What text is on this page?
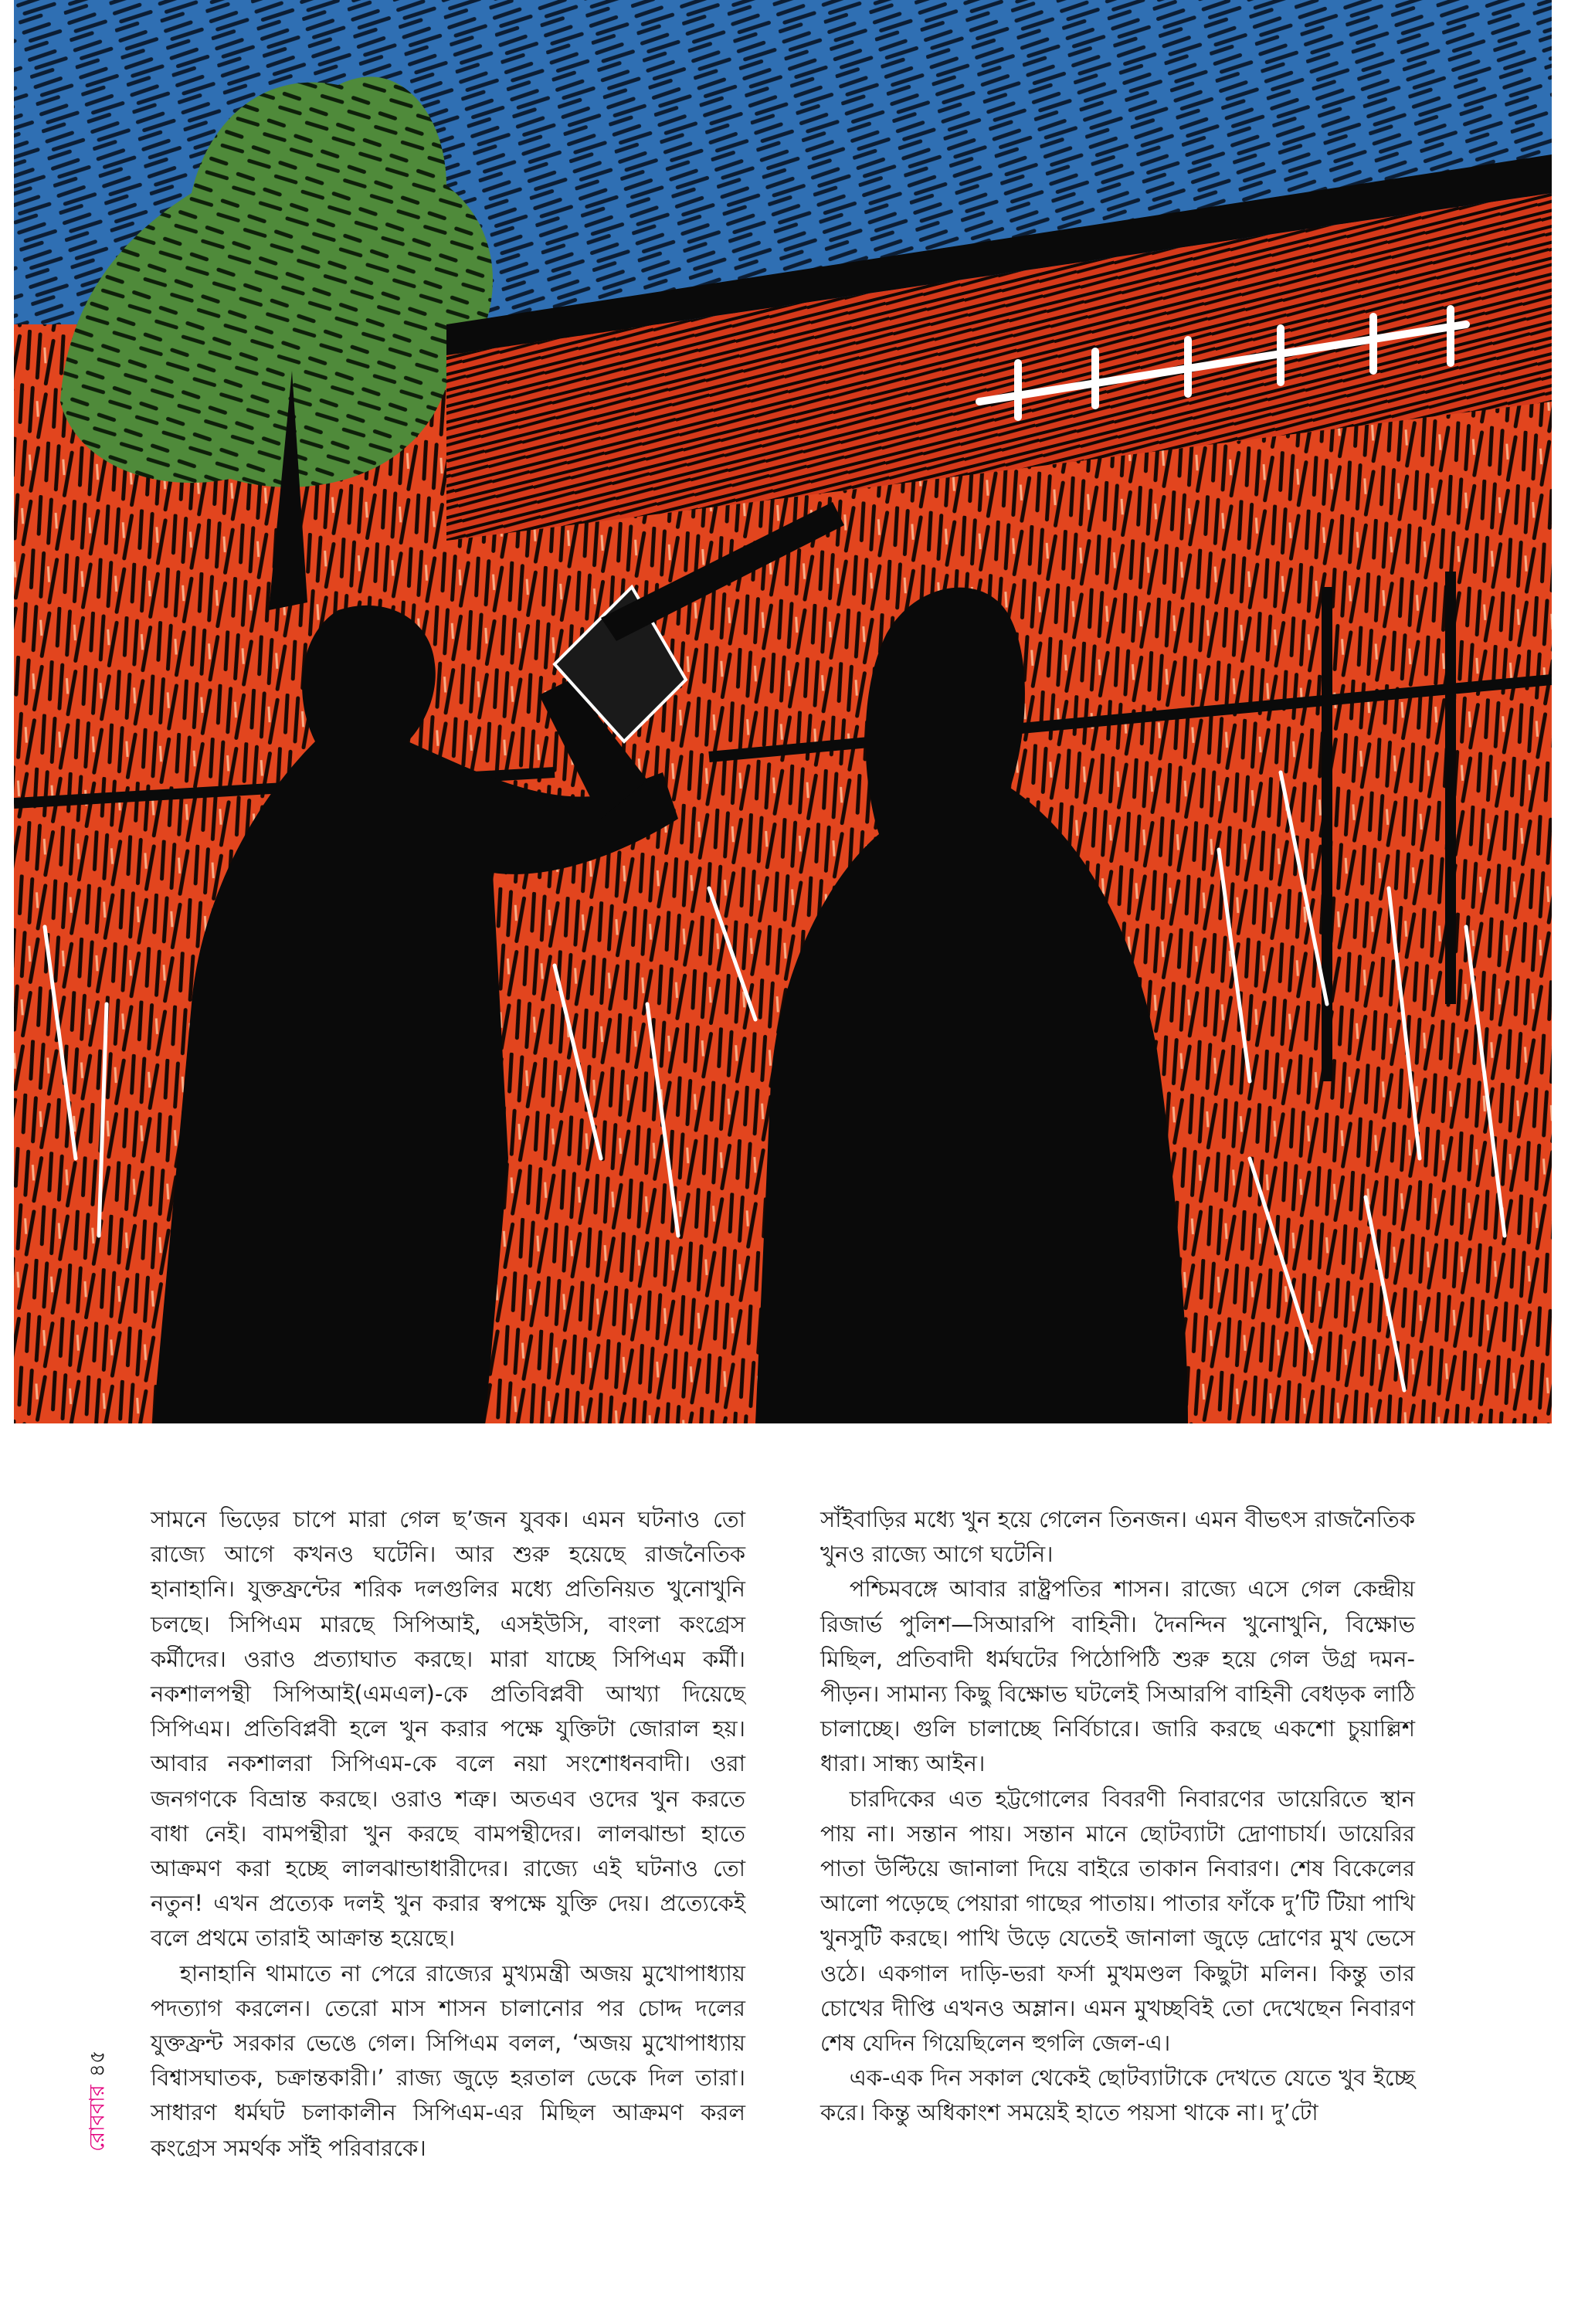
সামনে ভিড়ের চাপে মারা গেল ছ’জন যুবক। এমন ঘটনাও তো রাজ্যে আগে কখনও ঘটেনি। আর শুরু হয়েছে রাজনৈতিক হানাহানি। যুক্তফ্রন্টের শরিক দলগুলির মধ্যে প্রতিনিয়ত খুনোখুনি চলছে। সিপিএম মারছে সিপিআই, এসইউসি, বাংলা কংগ্রেস কর্মীদের। ওরাও প্রত্যাঘাত করছে। মারা যাচ্ছে সিপিএম কর্মী। নকশালপন্থী সিপিআই(এমএল)-কে প্রতিবিপ্লবী আখ্যা দিয়েছে সিপিএম। প্রতিবিপ্লবী হলে খুন করার পক্ষে যুক্তিটা জোরাল হয়। আবার নকশালরা সিপিএম-কে বলে নয়া সংশোধনবাদী। ওরা জনগণকে বিভ্রান্ত করছে। ওরাও শত্রু। অতএব ওদের খুন করতে বাধা নেই। বামপন্থীরা খুন করছে বামপন্থীদের। লালঝান্ডা হাতে আক্রমণ করা হচ্ছে লালঝান্ডাধারীদের। রাজ্যে এই ঘটনাও তো নতুন! এখন প্রত্যেক দলই খুন করার স্বপক্ষে যুক্তি দেয়। প্রত্যেকেই বলে প্রথমে তারাই আক্রান্ত হয়েছে।

হানাহানি থামাতে না পেরে রাজ্যের মুখ্যমন্ত্রী অজয় মুখোপাধ্যায় পদত্যাগ করলেন। তেরো মাস শাসন চালানোর পর চোদ্দ দলের যুক্তফ্রন্ট সরকার ভেঙে গেল। সিপিএম বলল, ‘অজয় মুখোপাধ্যায় বিশ্বাসঘাতক, চক্রান্তকারী।’ রাজ্য জুড়ে হরতাল ডেকে দিল তারা। সাধারণ ধর্মঘট চলাকালীন সিপিএম-এর মিছিল আক্রমণ করল কংগ্রেস সমর্থক সাঁই পরিবারকে।

সাঁইবাড়ির মধ্যে খুন হয়ে গেলেন তিনজন। এমন বীভৎস রাজনৈতিক খুনও রাজ্যে আগে ঘটেনি।

পশ্চিমবঙ্গে আবার রাষ্ট্রপতির শাসন। রাজ্যে এসে গেল কেন্দ্রীয় রিজার্ভ পুলিশ—সিআরপি বাহিনী। দৈনন্দিন খুনোখুনি, বিক্ষোভ মিছিল, প্রতিবাদী ধর্মঘটের পিঠোপিঠি শুরু হয়ে গেল উগ্র দমন-পীড়ন। সামান্য কিছু বিক্ষোভ ঘটলেই সিআরপি বাহিনী বেধড়ক লাঠি চালাচ্ছে। গুলি চালাচ্ছে নির্বিচারে। জারি করছে একশো চুয়াল্লিশ ধারা। সান্ধ্য আইন।

চারদিকের এত হট্টগোলের বিবরণী নিবারণের ডায়েরিতে স্থান পায় না। সন্তান পায়। সন্তান মানে ছোটব্যাটা দ্রোণাচার্য। ডায়েরির পাতা উল্টিয়ে জানালা দিয়ে বাইরে তাকান নিবারণ। শেষ বিকেলের আলো পড়েছে পেয়ারা গাছের পাতায়। পাতার ফাঁকে দু’টি টিয়া পাখি খুনসুটি করছে। পাখি উড়ে যেতেই জানালা জুড়ে দ্রোণের মুখ ভেসে ওঠে। একগাল দাড়ি-ভরা ফর্সা মুখমণ্ডল কিছুটা মলিন। কিন্তু তার চোখের দীপ্তি এখনও অম্লান। এমন মুখচ্ছবিই তো দেখেছেন নিবারণ শেষ যেদিন গিয়েছিলেন হুগলি জেল-এ।

এক-এক দিন সকাল থেকেই ছোটব্যাটাকে দেখতে যেতে খুব ইচ্ছে করে। কিন্তু অধিকাংশ সময়েই হাতে পয়সা থাকে না। দু’টো

রোববার৪৫
